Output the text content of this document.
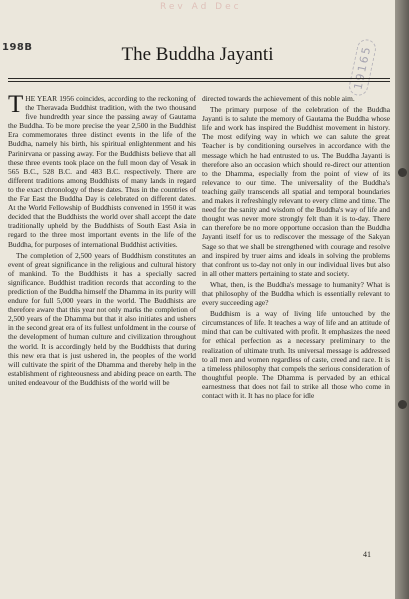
198B
Rev Ad Dec
19165
The Buddha Jayanti

THE YEAR 1956 coincides, according to the reckoning of the Theravada Buddhist tradition, with the two thousand five hundredth year since the passing away of Gautama the Buddha. To be more precise the year 2,500 in the Buddhist Era commemorates three distinct events in the life of the Buddha, namely his birth, his spiritual enlightenment and his Parinirvana or passing away. For the Buddhists believe that all these three events took place on the full moon day of Vesak in 565 B.C., 528 B.C. and 483 B.C. respectively. There are different traditions among Buddhists of many lands in regard to the exact chronology of these dates. Thus in the countries of the Far East the Buddha Day is celebrated on different dates. At the World Fellowship of Buddhists convened in 1950 it was decided that the Buddhists the world over shall accept the date traditionally upheld by the Buddhists of South East Asia in regard to the three most important events in the life of the Buddha, for purposes of international Buddhist activities.

The completion of 2,500 years of Buddhism constitutes an event of great significance in the religious and cultural history of mankind. To the Buddhists it has a specially sacred significance. Buddhist tradition records that according to the prediction of the Buddha himself the Dhamma in its purity will endure for full 5,000 years in the world. The Buddhists are therefore aware that this year not only marks the completion of 2,500 years of the Dhamma but that it also initiates and ushers in the second great era of its fullest unfoldment in the course of the development of human culture and civilization throughout the world. It is accordingly held by the Buddhists that during this new era that is just ushered in, the peoples of the world will cultivate the spirit of the Dhamma and thereby help in the establishment of righteousness and abiding peace on earth. The united endeavour of the Buddhists of the world will be

directed towards the achievement of this noble aim.

The primary purpose of the celebration of the Buddha Jayanti is to salute the memory of Gautama the Buddha whose life and work has inspired the Buddhist movement in history. The most edifying way in which we can salute the great Teacher is by conditioning ourselves in accordance with the message which he had entrusted to us. The Buddha Jayanti is therefore also an occasion which should re-direct our attention to the Dhamma, especially from the point of view of its relevance to our time. The universality of the Buddha's teaching gaily transcends all spatial and temporal boundaries and makes it refreshingly relevant to every clime and time. The need for the sanity and wisdom of the Buddha's way of life and thought was never more strongly felt than it is to-day. There can therefore be no more opportune occasion than the Buddha Jayanti itself for us to rediscover the message of the Sakyan Sage so that we shall be strengthened with courage and resolve and inspired by truer aims and ideals in solving the problems that confront us to-day not only in our individual lives but also in all other matters pertaining to state and society.

What, then, is the Buddha's message to humanity? What is that philosophy of the Buddha which is essentially relevant to every succeeding age?

Buddhism is a way of living life untouched by the circumstances of life. It teaches a way of life and an attitude of mind that can be cultivated with profit. It emphasizes the need for ethical perfection as a necessary preliminary to the realization of ultimate truth. Its universal message is addressed to all men and women regardless of caste, creed and race. It is a timeless philosophy that compels the serious consideration of thoughtful people. The Dhamma is pervaded by an ethical earnestness that does not fail to strike all those who come in contact with it. It has no place for idle

41
